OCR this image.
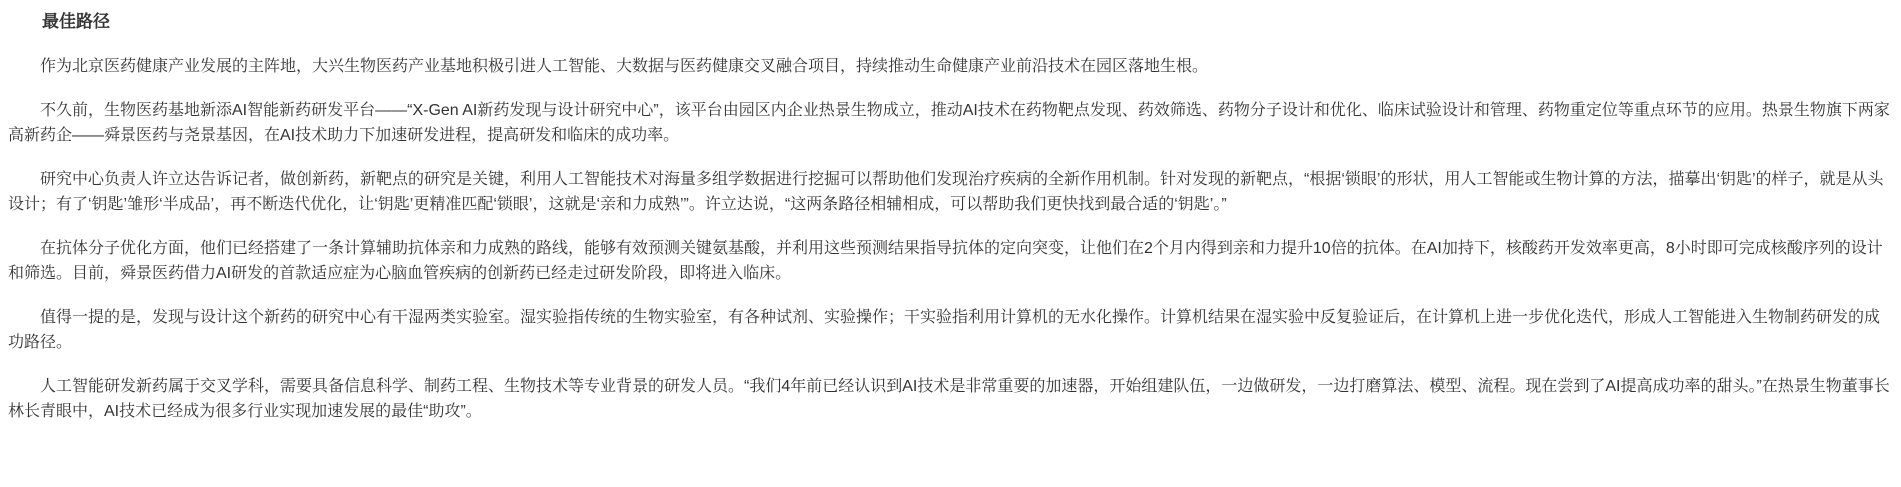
最佳路径

作为北京医药健康产业发展的主阵地，大兴生物医药产业基地积极引进人工智能、大数据与医药健康交叉融合项目，持续推动生命健康产业前沿技术在园区落地生根。

不久前，生物医药基地新添AI智能新药研发平台——“X-Gen AI新药发现与设计研究中心”，该平台由园区内企业热景生物成立，推动AI技术在药物靶点发现、药效筛选、药物分子设计和优化、临床试验设计和管理、药物重定位等重点环节的应用。热景生物旗下两家高新药企——舜景医药与尧景基因，在AI技术助力下加速研发进程，提高研发和临床的成功率。

研究中心负责人许立达告诉记者，做创新药，新靶点的研究是关键，利用人工智能技术对海量多组学数据进行挖掘可以帮助他们发现治疗疾病的全新作用机制。针对发现的新靶点，“根据‘锁眼’的形状，用人工智能或生物计算的方法，描摹出‘钥匙’的样子，就是从头设计；有了‘钥匙’雏形‘半成品’，再不断迭代优化，让‘钥匙’更精准匹配‘锁眼’，这就是‘亲和力成熟’”。许立达说，“这两条路径相辅相成，可以帮助我们更快找到最合适的‘钥匙’。”

在抗体分子优化方面，他们已经搭建了一条计算辅助抗体亲和力成熟的路线，能够有效预测关键氨基酸，并利用这些预测结果指导抗体的定向突变，让他们在2个月内得到亲和力提升10倍的抗体。在AI加持下，核酸药开发效率更高，8小时即可完成核酸序列的设计和筛选。目前，舜景医药借力AI研发的首款适应症为心脑血管疾病的创新药已经走过研发阶段，即将进入临床。

值得一提的是，发现与设计这个新药的研究中心有干湿两类实验室。湿实验指传统的生物实验室，有各种试剂、实验操作；干实验指利用计算机的无水化操作。计算机结果在湿实验中反复验证后，在计算机上进一步优化迭代，形成人工智能进入生物制药研发的成功路径。

人工智能研发新药属于交叉学科，需要具备信息科学、制药工程、生物技术等专业背景的研发人员。“我们4年前已经认识到AI技术是非常重要的加速器，开始组建队伍，一边做研发，一边打磨算法、模型、流程。现在尝到了AI提高成功率的甜头。”在热景生物董事长林长青眼中，AI技术已经成为很多行业实现加速发展的最佳“助攻”。
